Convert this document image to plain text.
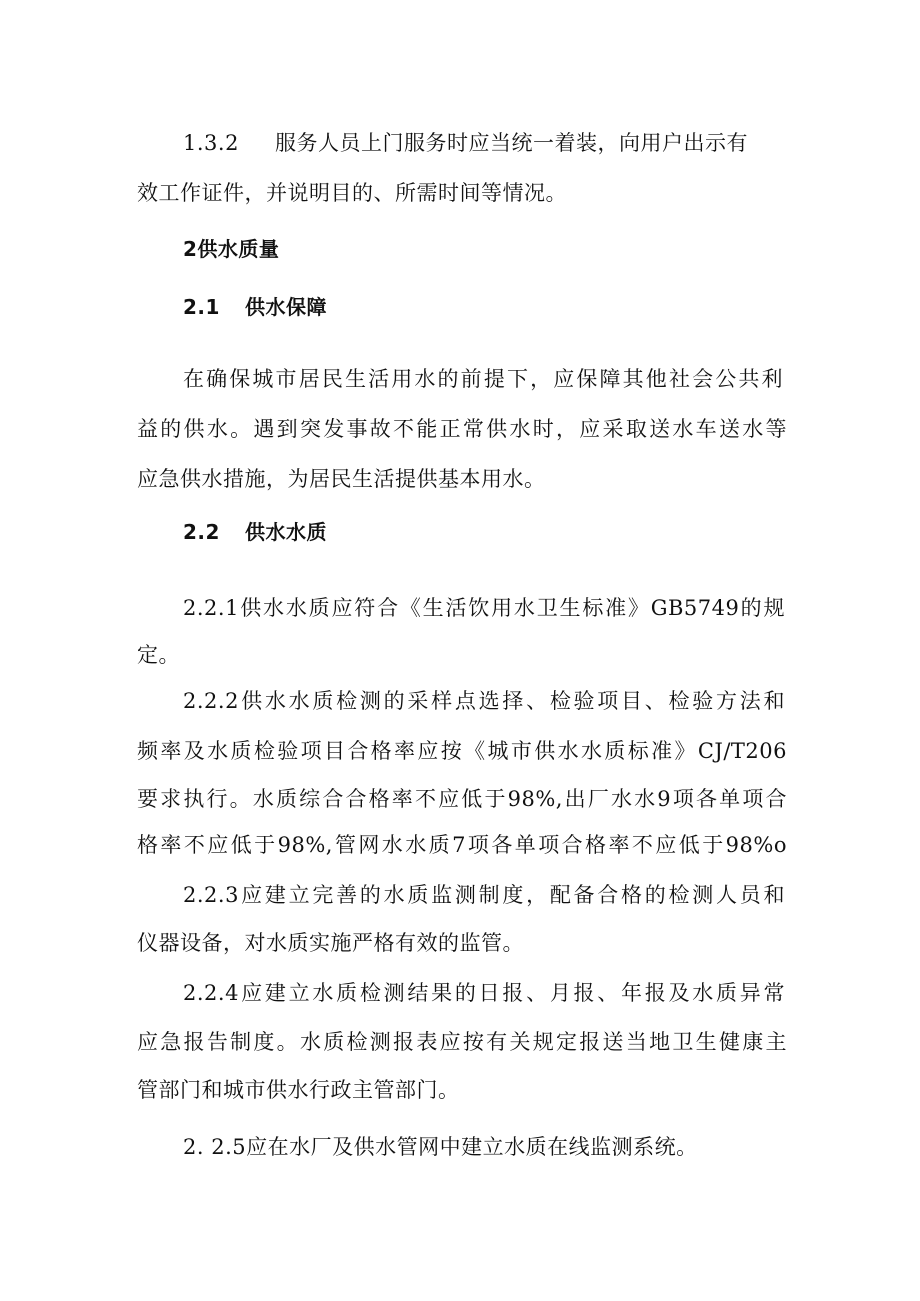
1.3.2 服务人员上门服务时应当统一着装，向用户出示有
效工作证件，并说明目的、所需时间等情况。
2供水质量
2.1 供水保障
在确保城市居民生活用水的前提下，应保障其他社会公共利
益的供水。遇到突发事故不能正常供水时，应采取送水车送水等
应急供水措施，为居民生活提供基本用水。
2.2 供水水质
2.2.1供水水质应符合《生活饮用水卫生标准》GB5749的规
定。
2.2.2供水水质检测的采样点选择、检验项目、检验方法和
频率及水质检验项目合格率应按《城市供水水质标准》CJ/T206
要求执行。水质综合合格率不应低于98%,出厂水水9项各单项合
格率不应低于98%,管网水水质7项各单项合格率不应低于98%o
2.2.3应建立完善的水质监测制度，配备合格的检测人员和
仪器设备，对水质实施严格有效的监管。
2.2.4应建立水质检测结果的日报、月报、年报及水质异常
应急报告制度。水质检测报表应按有关规定报送当地卫生健康主
管部门和城市供水行政主管部门。
2. 2.5应在水厂及供水管网中建立水质在线监测系统。
